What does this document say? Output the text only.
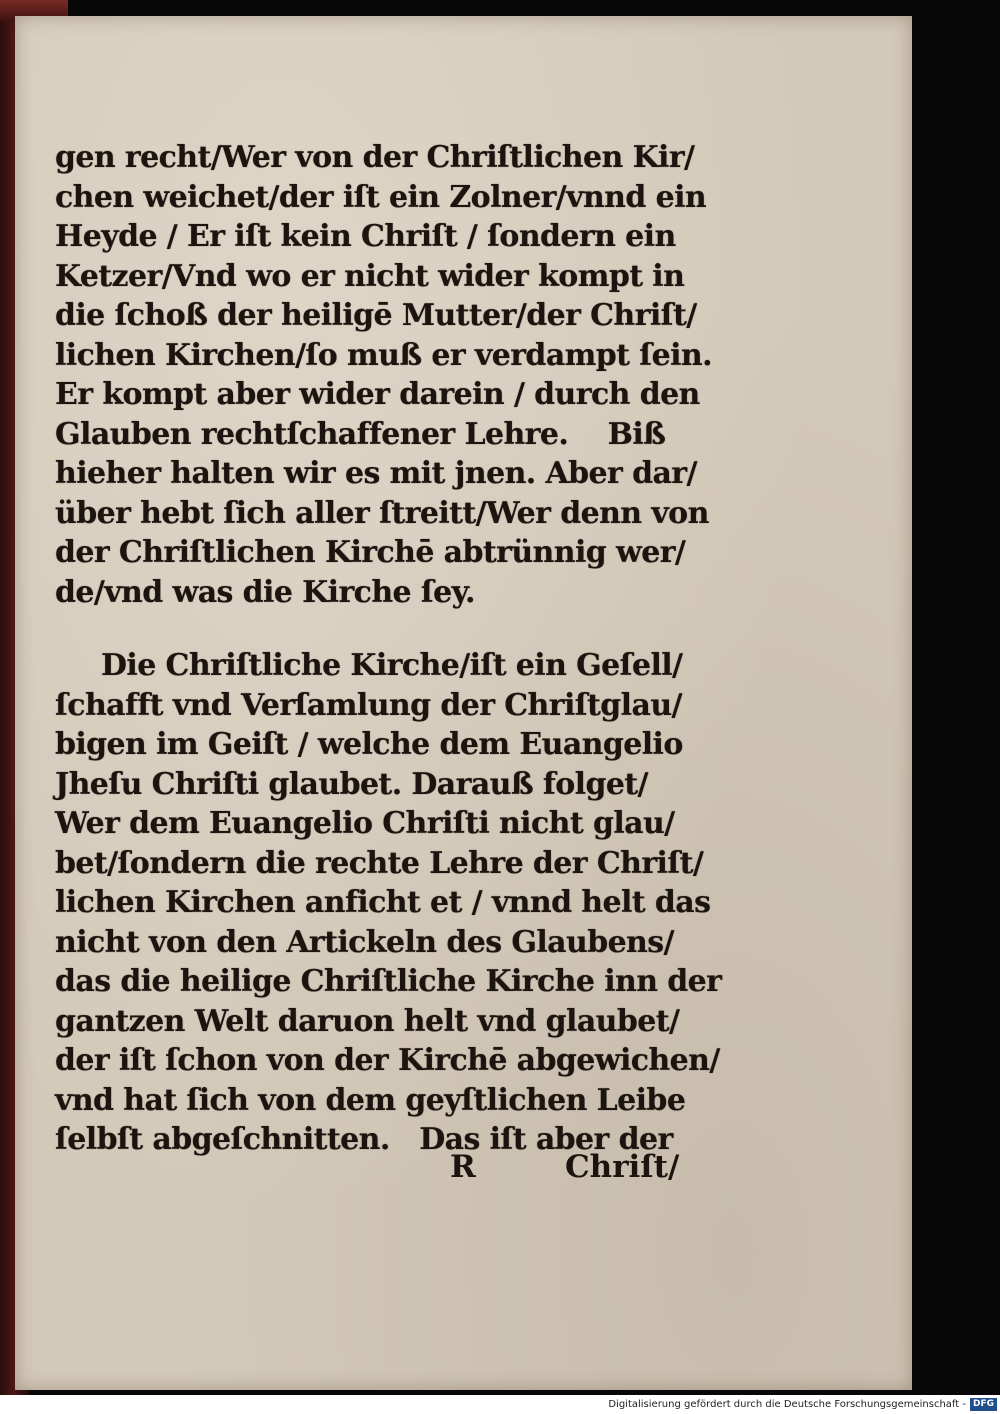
gen recht/Wer von der Chriſtlichen Kir/
chen weichet/der iſt ein Zolner/vnnd ein
Heyde / Er iſt kein Chriſt / ſondern ein
Ketzer/Vnd wo er nicht wider kompt in
die ſchoß der heiligē Mutter/der Chriſt/
lichen Kirchen/ſo muß er verdampt ſein.
Er kompt aber wider darein / durch den
Glauben rechtſchaffener Lehre.    Biß
hieher halten wir es mit jnen. Aber dar/
über hebt ſich aller ſtreitt/Wer denn von
der Chriſtlichen Kirchē abtrünnig wer/
de/vnd was die Kirche ſey.
Die Chriſtliche Kirche/iſt ein Geſell/
ſchafft vnd Verſamlung der Chriſtglau/
bigen im Geiſt / welche dem Euangelio
Jheſu Chriſti glaubet. Darauß folget/
Wer dem Euangelio Chriſti nicht glau/
bet/ſondern die rechte Lehre der Chriſt/
lichen Kirchen anficht et / vnnd helt das
nicht von den Artickeln des Glaubens/
das die heilige Chriſtliche Kirche inn der
gantzen Welt daruon helt vnd glaubet/
der iſt ſchon von der Kirchē abgewichen/
vnd hat ſich von dem geyſtlichen Leibe
ſelbſt abgeſchnitten.   Das iſt aber der
R	Chriſt/
Digitalisierung gefördert durch die Deutsche Forschungsgemeinschaft - DFG
